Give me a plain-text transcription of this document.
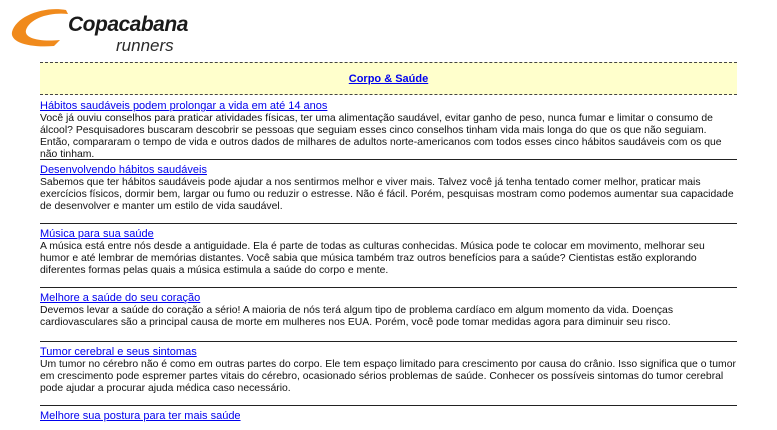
Copacabana
runners
Corpo & Saúde
Hábitos saudáveis podem prolongar a vida em até 14 anos

Você já ouviu conselhos para praticar atividades físicas, ter uma alimentação saudável, evitar ganho de peso, nunca fumar e limitar o consumo de álcool? Pesquisadores buscaram descobrir se pessoas que seguiam esses cinco conselhos tinham vida mais longa do que os que não seguiam. Então, compararam o tempo de vida e outros dados de milhares de adultos norte-americanos com todos esses cinco hábitos saudáveis com os que não tinham.

Desenvolvendo hábitos saudáveis

Sabemos que ter hábitos saudáveis pode ajudar a nos sentirmos melhor e viver mais. Talvez você já tenha tentado comer melhor, praticar mais exercícios físicos, dormir bem, largar ou fumo ou reduzir o estresse. Não é fácil. Porém, pesquisas mostram como podemos aumentar sua capacidade de desenvolver e manter um estilo de vida saudável.

Música para sua saúde

A música está entre nós desde a antiguidade. Ela é parte de todas as culturas conhecidas. Música pode te colocar em movimento, melhorar seu humor e até lembrar de memórias distantes. Você sabia que música também traz outros benefícios para a saúde? Cientistas estão explorando diferentes formas pelas quais a música estimula a saúde do corpo e mente.

Melhore a saúde do seu coração

Devemos levar a saúde do coração a sério! A maioria de nós terá algum tipo de problema cardíaco em algum momento da vida. Doenças cardiovasculares são a principal causa de morte em mulheres nos EUA. Porém, você pode tomar medidas agora para diminuir seu risco.

Tumor cerebral e seus sintomas

Um tumor no cérebro não é como em outras partes do corpo. Ele tem espaço limitado para crescimento por causa do crânio. Isso significa que o tumor em crescimento pode espremer partes vitais do cérebro, ocasionado sérios problemas de saúde. Conhecer os possíveis sintomas do tumor cerebral pode ajudar a procurar ajuda médica caso necessário.

Melhore sua postura para ter mais saúde
